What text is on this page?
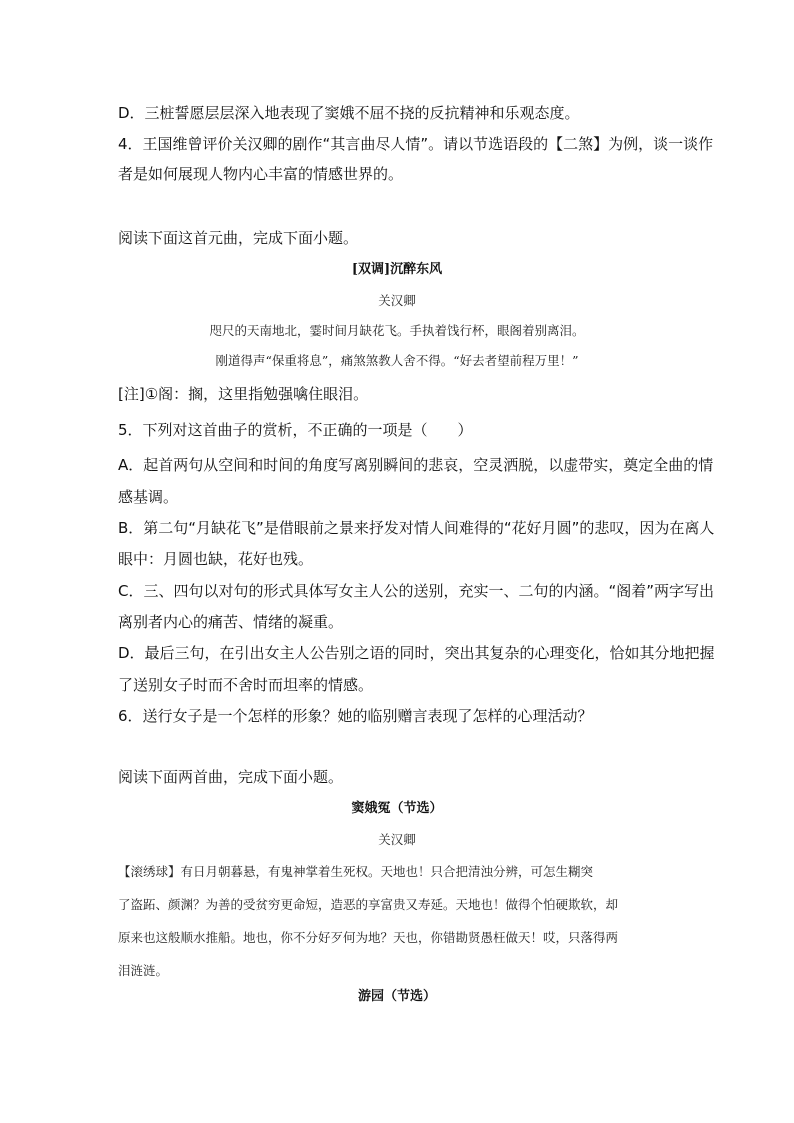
D．三桩誓愿层层深入地表现了窦娥不屈不挠的反抗精神和乐观态度。
4．王国维曾评价关汉卿的剧作“其言曲尽人情”。请以节选语段的【二煞】为例，谈一谈作
者是如何展现人物内心丰富的情感世界的。
阅读下面这首元曲，完成下面小题。
[双调]沉醉东风
关汉卿
咫尺的天南地北，霎时间月缺花飞。手执着饯行杯，眼阁着别离泪。
刚道得声“保重将息”，痛煞煞教人舍不得。“好去者望前程万里！”
[注]①阁：搁，这里指勉强噙住眼泪。
5．下列对这首曲子的赏析，不正确的一项是（　　）
A．起首两句从空间和时间的角度写离别瞬间的悲哀，空灵洒脱，以虚带实，奠定全曲的情
感基调。
B．第二句“月缺花飞”是借眼前之景来抒发对情人间难得的“花好月圆”的悲叹，因为在离人
眼中：月圆也缺，花好也残。
C．三、四句以对句的形式具体写女主人公的送别，充实一、二句的内涵。“阁着”两字写出
离别者内心的痛苦、情绪的凝重。
D．最后三句，在引出女主人公告别之语的同时，突出其复杂的心理变化，恰如其分地把握
了送别女子时而不舍时而坦率的情感。
6．送行女子是一个怎样的形象？她的临别赠言表现了怎样的心理活动？
阅读下面两首曲，完成下面小题。
窦娥冤（节选）
关汉卿
【滚绣球】有日月朝暮悬，有鬼神掌着生死权。天地也！只合把清浊分辨，可怎生糊突
了盗跖、颜渊？为善的受贫穷更命短，造恶的享富贵又寿延。天地也！做得个怕硬欺软，却
原来也这般顺水推船。地也，你不分好歹何为地？天也，你错勘贤愚枉做天！哎，只落得两
泪涟涟。
游园（节选）
